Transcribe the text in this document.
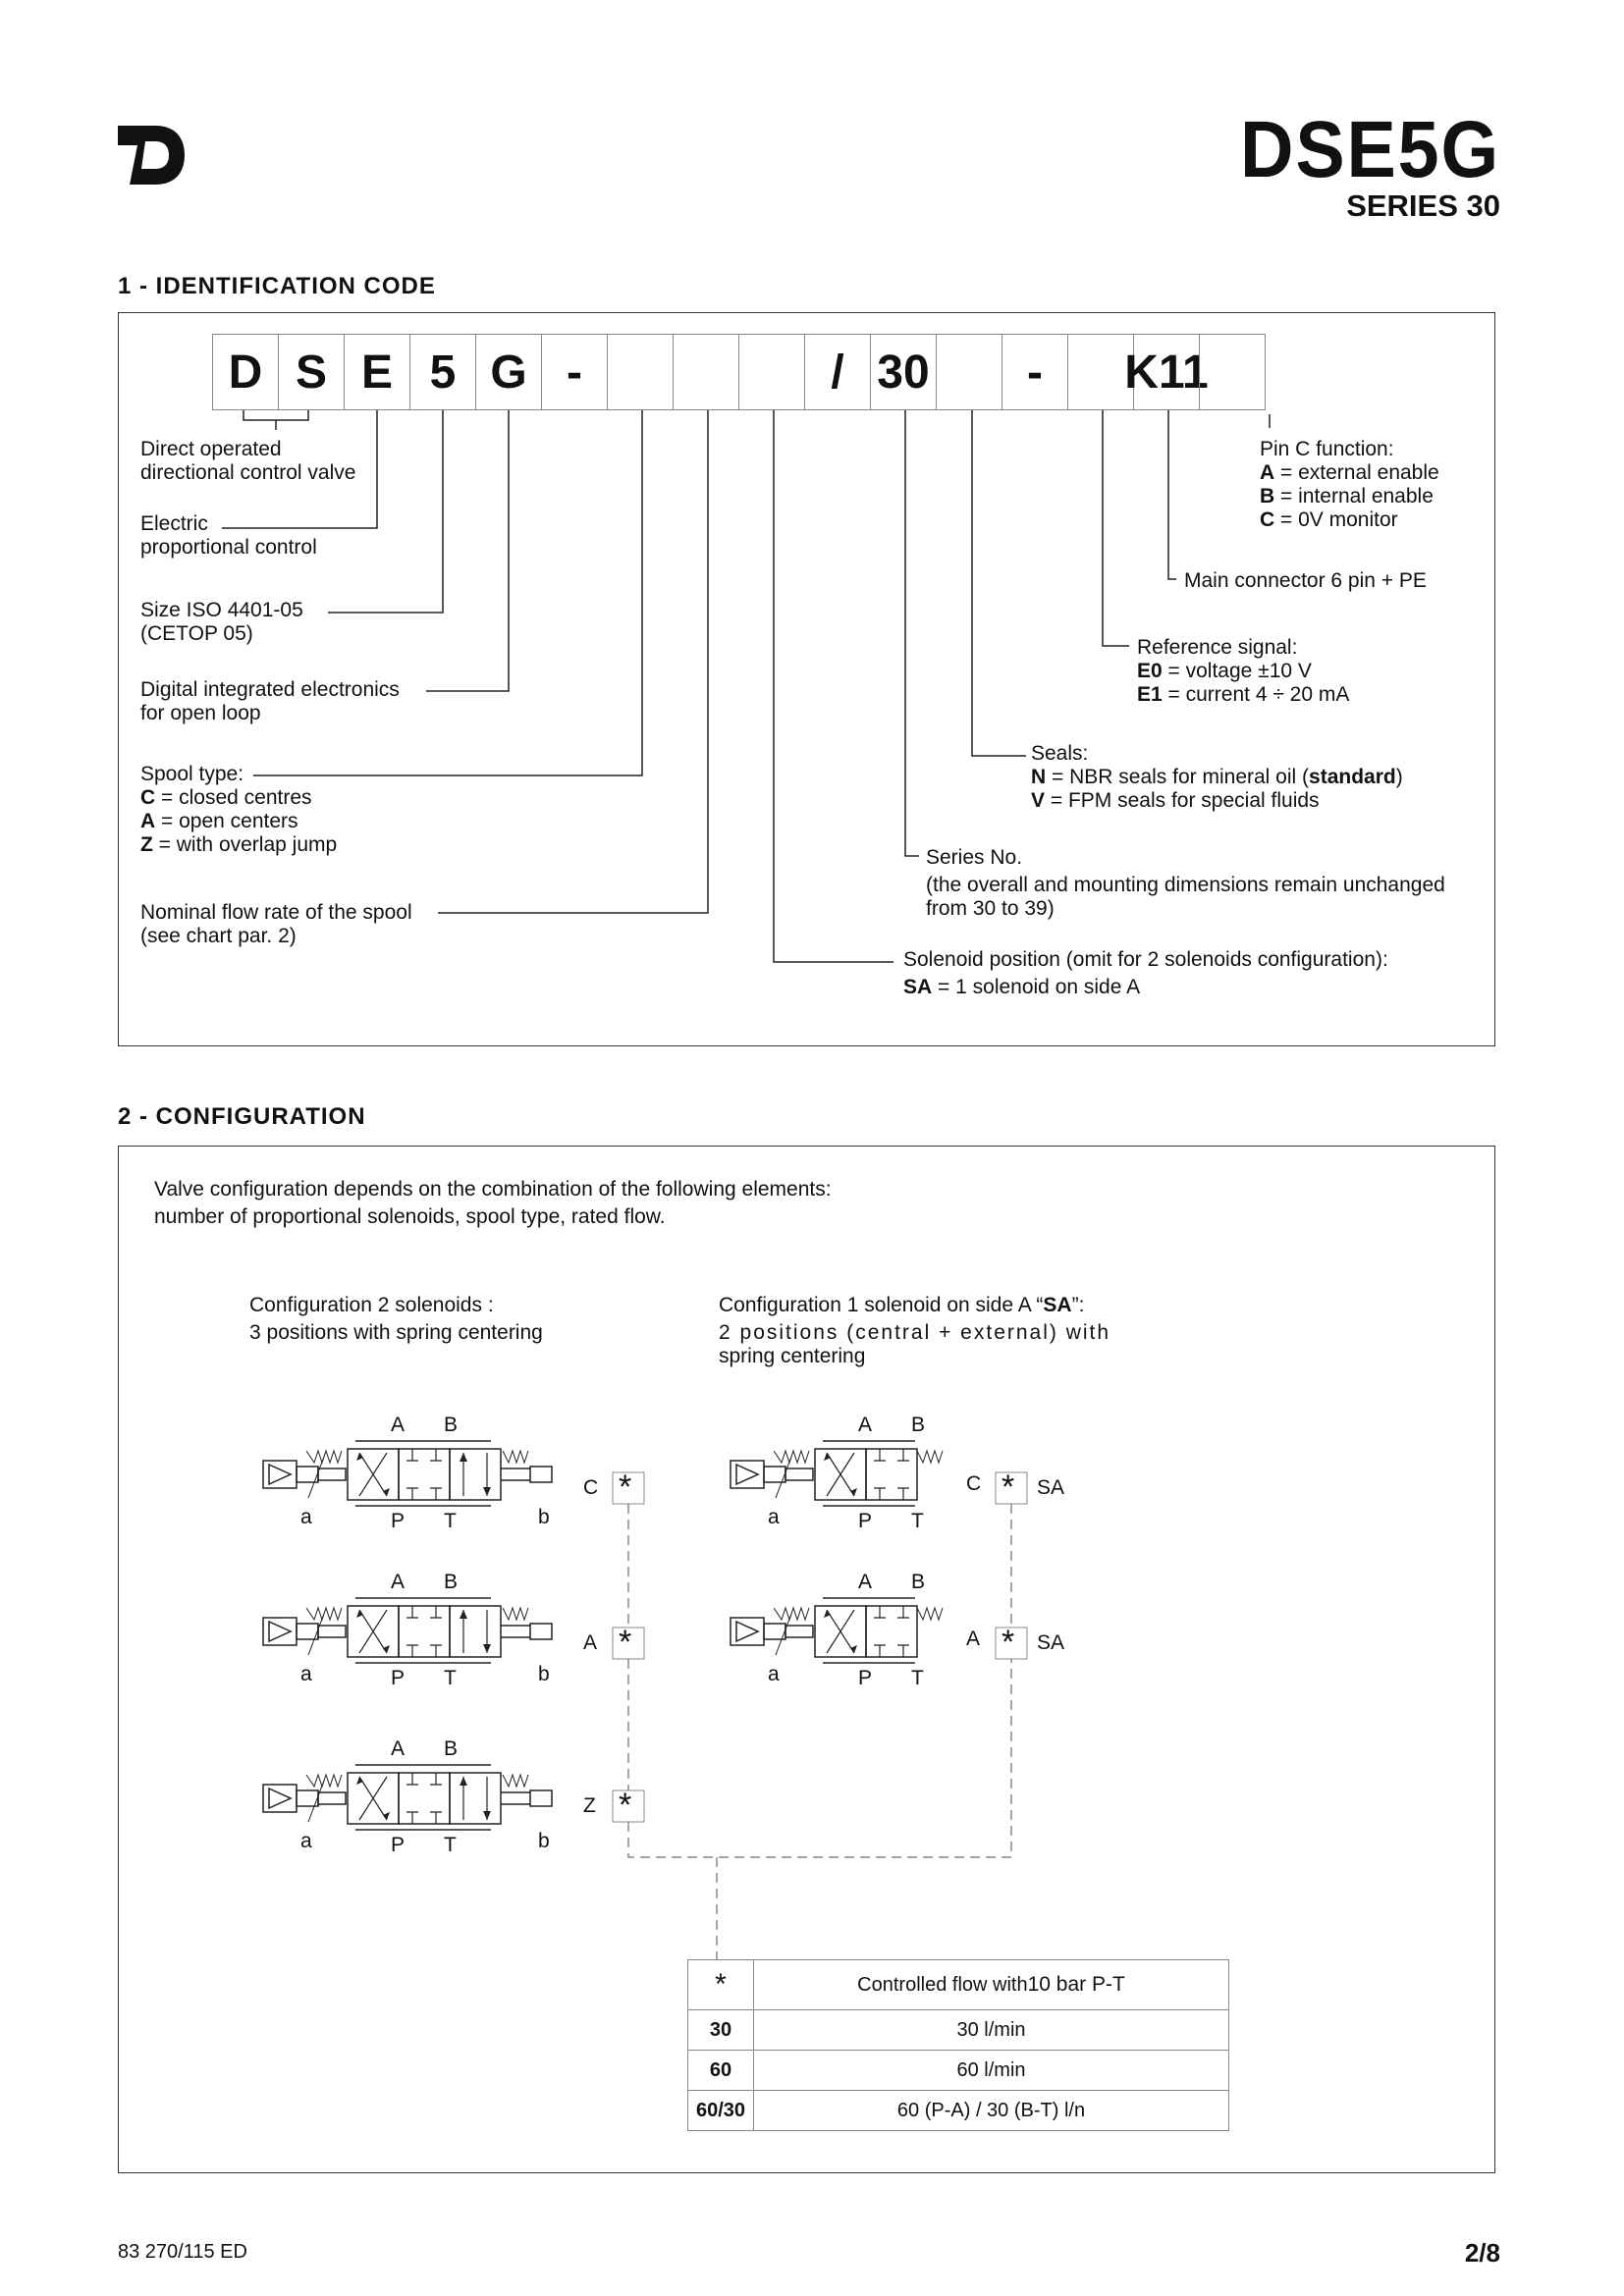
DSE5G
SERIES 30
1 - IDENTIFICATION CODE
D S E 5 G -	/ 30	-	K11
Direct operated
directional control valve
Electric
proportional control
Size ISO 4401-05
(CETOP 05)
Digital integrated electronics
for open loop
Spool type:
C = closed centres
A = open centers
Z = with overlap jump
Nominal flow rate of the spool
(see chart par. 2)
Pin C function:
A = external enable
B = internal enable
C = 0V monitor
Main connector 6 pin + PE
Reference signal:
E0 = voltage ±10 V
E1 = current 4 ÷ 20 mA
Seals:
N = NBR seals for mineral oil (standard)
V = FPM seals for special fluids
Series No.
(the overall and mounting dimensions remain unchanged
from 30 to 39)
Solenoid position (omit for 2 solenoids configuration):
SA = 1 solenoid on side A
2 - CONFIGURATION
Valve configuration depends on the combination of the following elements:
number of proportional solenoids, spool type, rated flow.
Configuration 2 solenoids :
3 positions with spring centering
Configuration 1 solenoid on side A “SA”:
2 positions (central + external) with
spring centering
A B
P T
a	b
C *
A B
P T
a	b
A *
A B
P T
a	b
Z *
A B
P T
a
C * SA
A B
P T
a
A * SA
*	Controlled flow with10 bar P-T
30	30 l/min
60	60 l/min
60/30	60 (P-A) / 30 (B-T) l/n
83 270/115 ED	2/8
